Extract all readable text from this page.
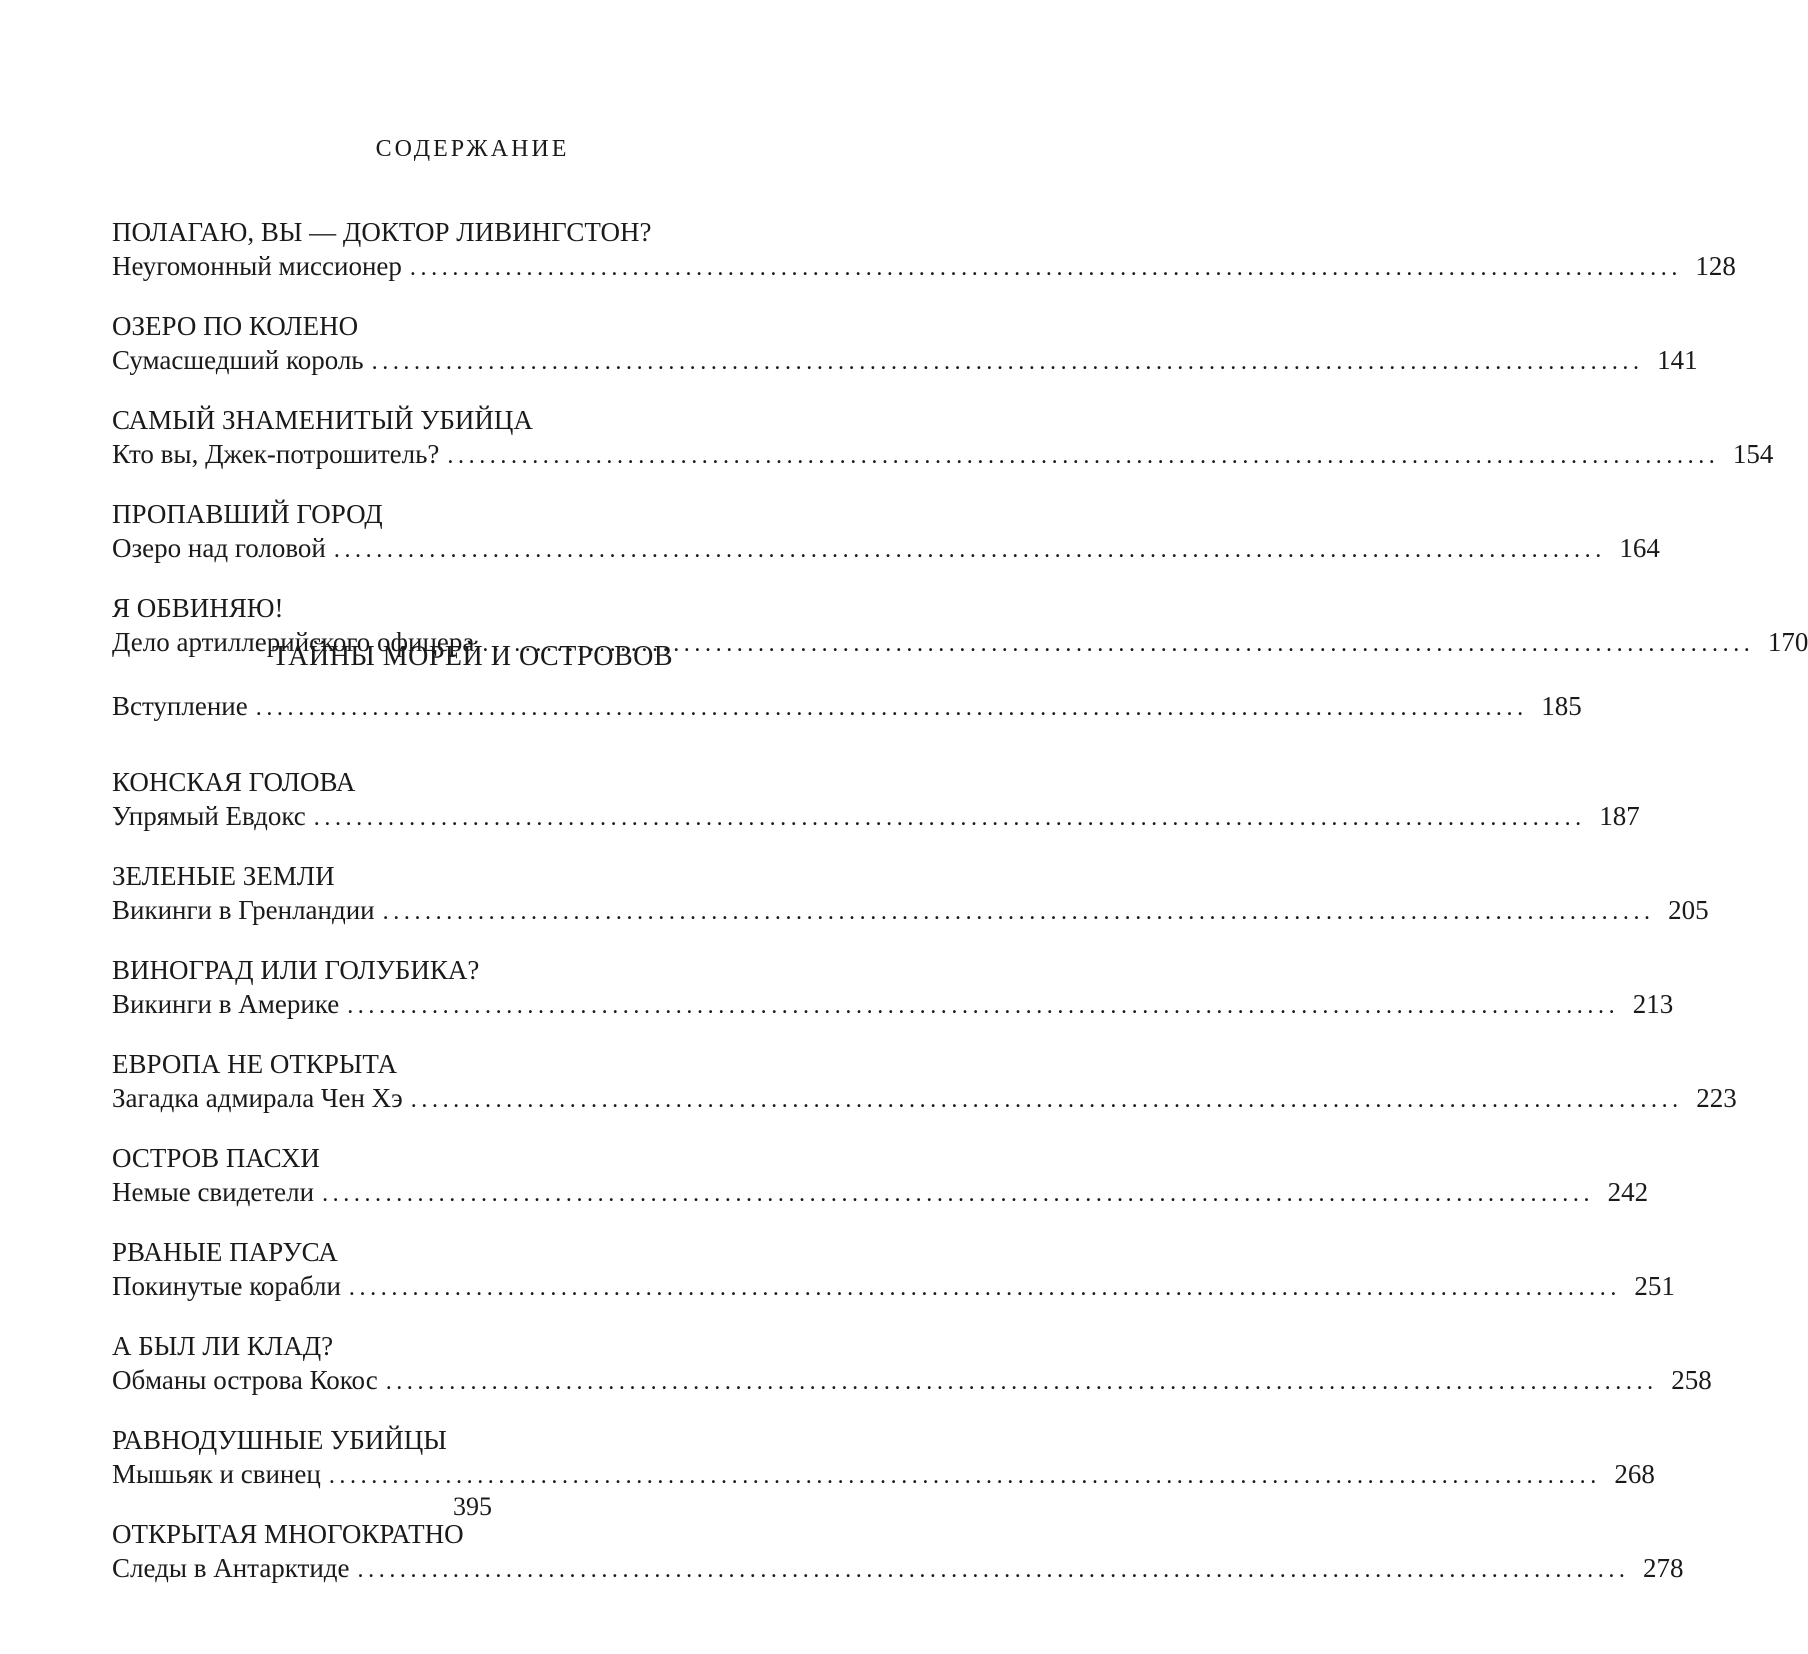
СОДЕРЖАНИЕ
ПОЛАГАЮ, ВЫ — ДОКТОР ЛИВИНГСТОН?
Неугомонный миссионер ........................................................................................................................ 128
ОЗЕРО ПО КОЛЕНО
Сумасшедший король ........................................................................................................................ 141
САМЫЙ ЗНАМЕНИТЫЙ УБИЙЦА
Кто вы, Джек-потрошитель? ........................................................................................................................ 154
ПРОПАВШИЙ ГОРОД
Озеро над головой ........................................................................................................................ 164
Я ОБВИНЯЮ!
Дело артиллерийского офицера ........................................................................................................................ 170
ТАЙНЫ МОРЕЙ И ОСТРОВОВ
Вступление ........................................................................................................................ 185
КОНСКАЯ ГОЛОВА
Упрямый Евдокс ........................................................................................................................ 187
ЗЕЛЕНЫЕ ЗЕМЛИ
Викинги в Гренландии ........................................................................................................................ 205
ВИНОГРАД ИЛИ ГОЛУБИКА?
Викинги в Америке ........................................................................................................................ 213
ЕВРОПА НЕ ОТКРЫТА
Загадка адмирала Чен Хэ ........................................................................................................................ 223
ОСТРОВ ПАСХИ
Немые свидетели ........................................................................................................................ 242
РВАНЫЕ ПАРУСА
Покинутые корабли ........................................................................................................................ 251
А БЫЛ ЛИ КЛАД?
Обманы острова Кокос ........................................................................................................................ 258
РАВНОДУШНЫЕ УБИЙЦЫ
Мышьяк и свинец ........................................................................................................................ 268
ОТКРЫТАЯ МНОГОКРАТНО
Следы в Антарктиде ........................................................................................................................ 278
395
